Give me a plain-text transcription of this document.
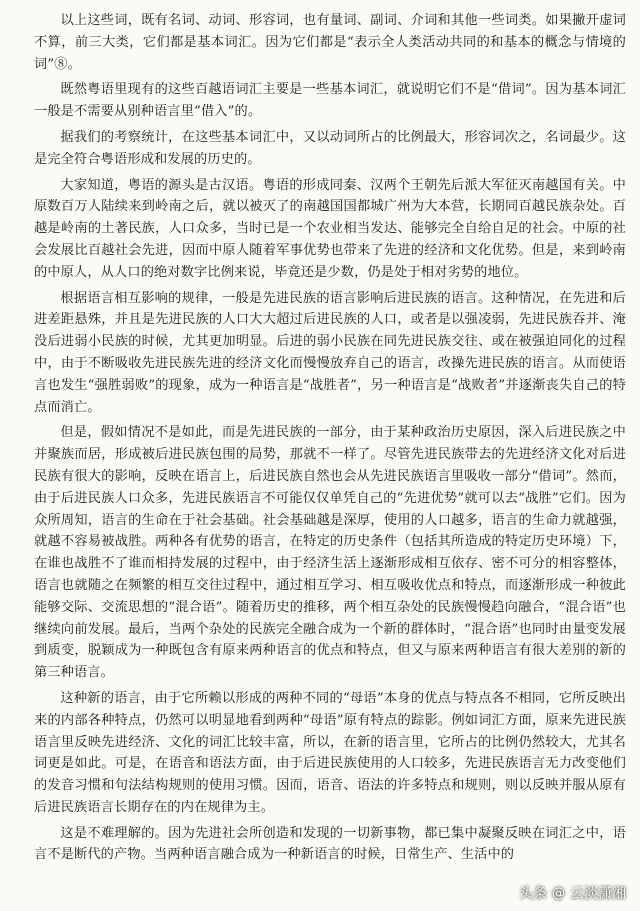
以上这些词，既有名词、动词、形容词，也有量词、副词、介词和其他一些词类。如果撇开虚词不算，前三大类，它们都是基本词汇。因为它们都是“表示全人类活动共同的和基本的概念与情境的词”⑧。

既然粤语里现有的这些百越语词汇主要是一些基本词汇，就说明它们不是“借词”。因为基本词汇一般是不需要从别种语言里“借入”的。

据我们的考察统计，在这些基本词汇中，又以动词所占的比例最大，形容词次之，名词最少。这是完全符合粤语形成和发展的历史的。

大家知道，粤语的源头是古汉语。粤语的形成同秦、汉两个王朝先后派大军征灭南越国有关。中原数百万人陆续来到岭南之后，就以被灭了的南越国国都城广州为大本营，长期同百越民族杂处。百越是岭南的土著民族，人口众多，当时已是一个农业相当发达、能够完全自给自足的社会。中原的社会发展比百越社会先进，因而中原人随着军事优势也带来了先进的经济和文化优势。但是，来到岭南的中原人，从人口的绝对数字比例来说，毕竟还是少数，仍是处于相对劣势的地位。

根据语言相互影响的规律，一般是先进民族的语言影响后进民族的语言。这种情况，在先进和后进差距悬殊，并且是先进民族的人口大大超过后进民族的人口，或者是以强凌弱，先进民族吞并、淹没后进弱小民族的时候，尤其更加明显。后进的弱小民族在同先进民族交往、或在被强迫同化的过程中，由于不断吸收先进民族先进的经济文化而慢慢放弃自己的语言，改操先进民族的语言。从而使语言也发生“强胜弱败”的现象，成为一种语言是“战胜者”，另一种语言是“战败者”并逐渐丧失自己的特点而消亡。

但是，假如情况不是如此，而是先进民族的一部分，由于某种政治历史原因，深入后进民族之中并聚族而居，形成被后进民族包围的局势，那就不一样了。尽管先进民族带去的先进经济文化对后进民族有很大的影响，反映在语言上，后进民族自然也会从先进民族语言里吸收一部分“借词”。然而，由于后进民族人口众多，先进民族语言不可能仅仅单凭自己的“先进优势”就可以去“战胜”它们。因为众所周知，语言的生命在于社会基础。社会基础越是深厚，使用的人口越多，语言的生命力就越强，就越不容易被战胜。两种各有优势的语言，在特定的历史条件（包括其所造成的特定历史环境）下，在谁也战胜不了谁而相持发展的过程中，由于经济生活上逐渐形成相互依存、密不可分的相容整体，语言也就随之在频繁的相互交往过程中，通过相互学习、相互吸收优点和特点，而逐渐形成一种彼此能够交际、交流思想的“混合语”。随着历史的推移，两个相互杂处的民族慢慢趋向融合，“混合语”也继续向前发展。最后，当两个杂处的民族完全融合成为一个新的群体时，“混合语”也同时由量变发展到质变，脱颖成为一种既包含有原来两种语言的优点和特点，但又与原来两种语言有很大差别的新的第三种语言。

这种新的语言，由于它所赖以形成的两种不同的“母语”本身的优点与特点各不相同，它所反映出来的内部各种特点，仍然可以明显地看到两种“母语”原有特点的踪影。例如词汇方面，原来先进民族语言里反映先进经济、文化的词汇比较丰富，所以，在新的语言里，它所占的比例仍然较大，尤其名词更是如此。可是，在语音和语法方面，由于后进民族使用的人口较多，先进民族语言无力改变他们的发音习惯和句法结构规则的使用习惯。因而，语音、语法的许多特点和规则，则以反映并服从原有后进民族语言长期存在的内在规律为主。

这是不难理解的。因为先进社会所创造和发现的一切新事物，都已集中凝聚反映在词汇之中，语言不是断代的产物。当两种语言融合成为一种新语言的时候，日常生产、生活中的

头条 @ 云淡潇湘
